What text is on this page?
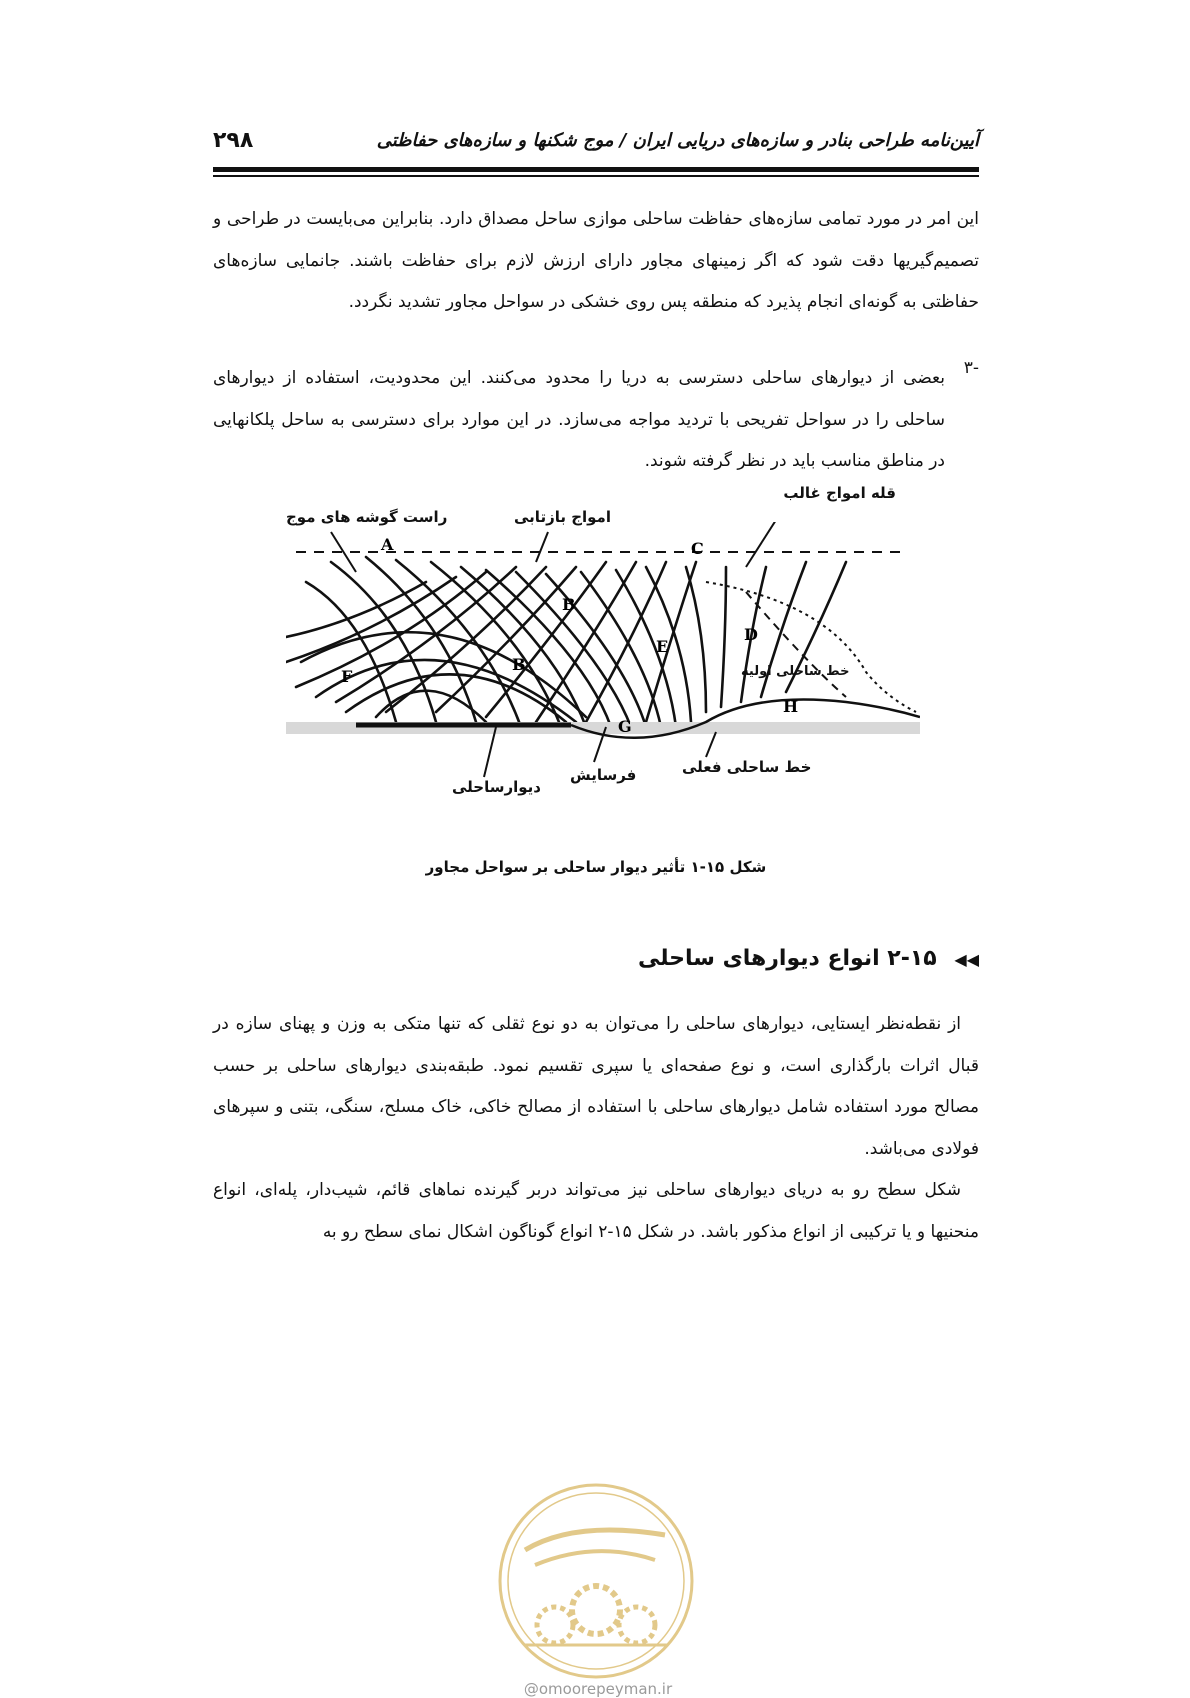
۲۹۸	آیین‌نامه طراحی بنادر و سازه‌های دریایی ایران / موج شکنها و سازه‌های حفاظتی
این امر در مورد تمامی سازه‌های حفاظت ساحلی موازی ساحل مصداق دارد. بنابراین می‌بایست در طراحی و تصمیم‌گیریها دقت شود که اگر زمینهای مجاور دارای ارزش لازم برای حفاظت باشند. جانمایی سازه‌های حفاظتی به گونه‌ای انجام پذیرد که منطقه پس روی خشکی در سواحل مجاور تشدید نگردد.
۳-
بعضی از دیوارهای ساحلی دسترسی به دریا را محدود می‌کنند. این محدودیت، استفاده از دیوارهای ساحلی را در سواحل تفریحی با تردید مواجه می‌سازد. در این موارد برای دسترسی به ساحل پلکانهایی در مناطق مناسب باید در نظر گرفته شوند.
A
B
B
C
D
E
F
G
H
قله امواج غالب
راست گوشه های موج	امواج بازتابی
خط ساحلی اولیه
خط ساحلی فعلی
فرسایش
دیوارساحلی
شکل ۱۵-۱ تأثیر دیوار ساحلی بر سواحل مجاور
◀◀ ۲-۱۵ انواع دیوارهای ساحلی
از نقطه‌نظر ایستایی، دیوارهای ساحلی را می‌توان به دو نوع ثقلی که تنها متکی به وزن و پهنای سازه در قبال اثرات بارگذاری است، و نوع صفحه‌ای یا سپری تقسیم نمود. طبقه‌بندی دیوارهای ساحلی بر حسب مصالح مورد استفاده شامل دیوارهای ساحلی با استفاده از مصالح خاکی، خاک مسلح، سنگی، بتنی و سپرهای فولادی می‌باشد.
شکل سطح رو به دریای دیوارهای ساحلی نیز می‌تواند دربر گیرنده نماهای قائم، شیب‌دار، پله‌ای، انواع منحنیها و یا ترکیبی از انواع مذکور باشد. در شکل ۱۵-۲ انواع گوناگون اشکال نمای سطح رو به
@omoorepeyman.ir
